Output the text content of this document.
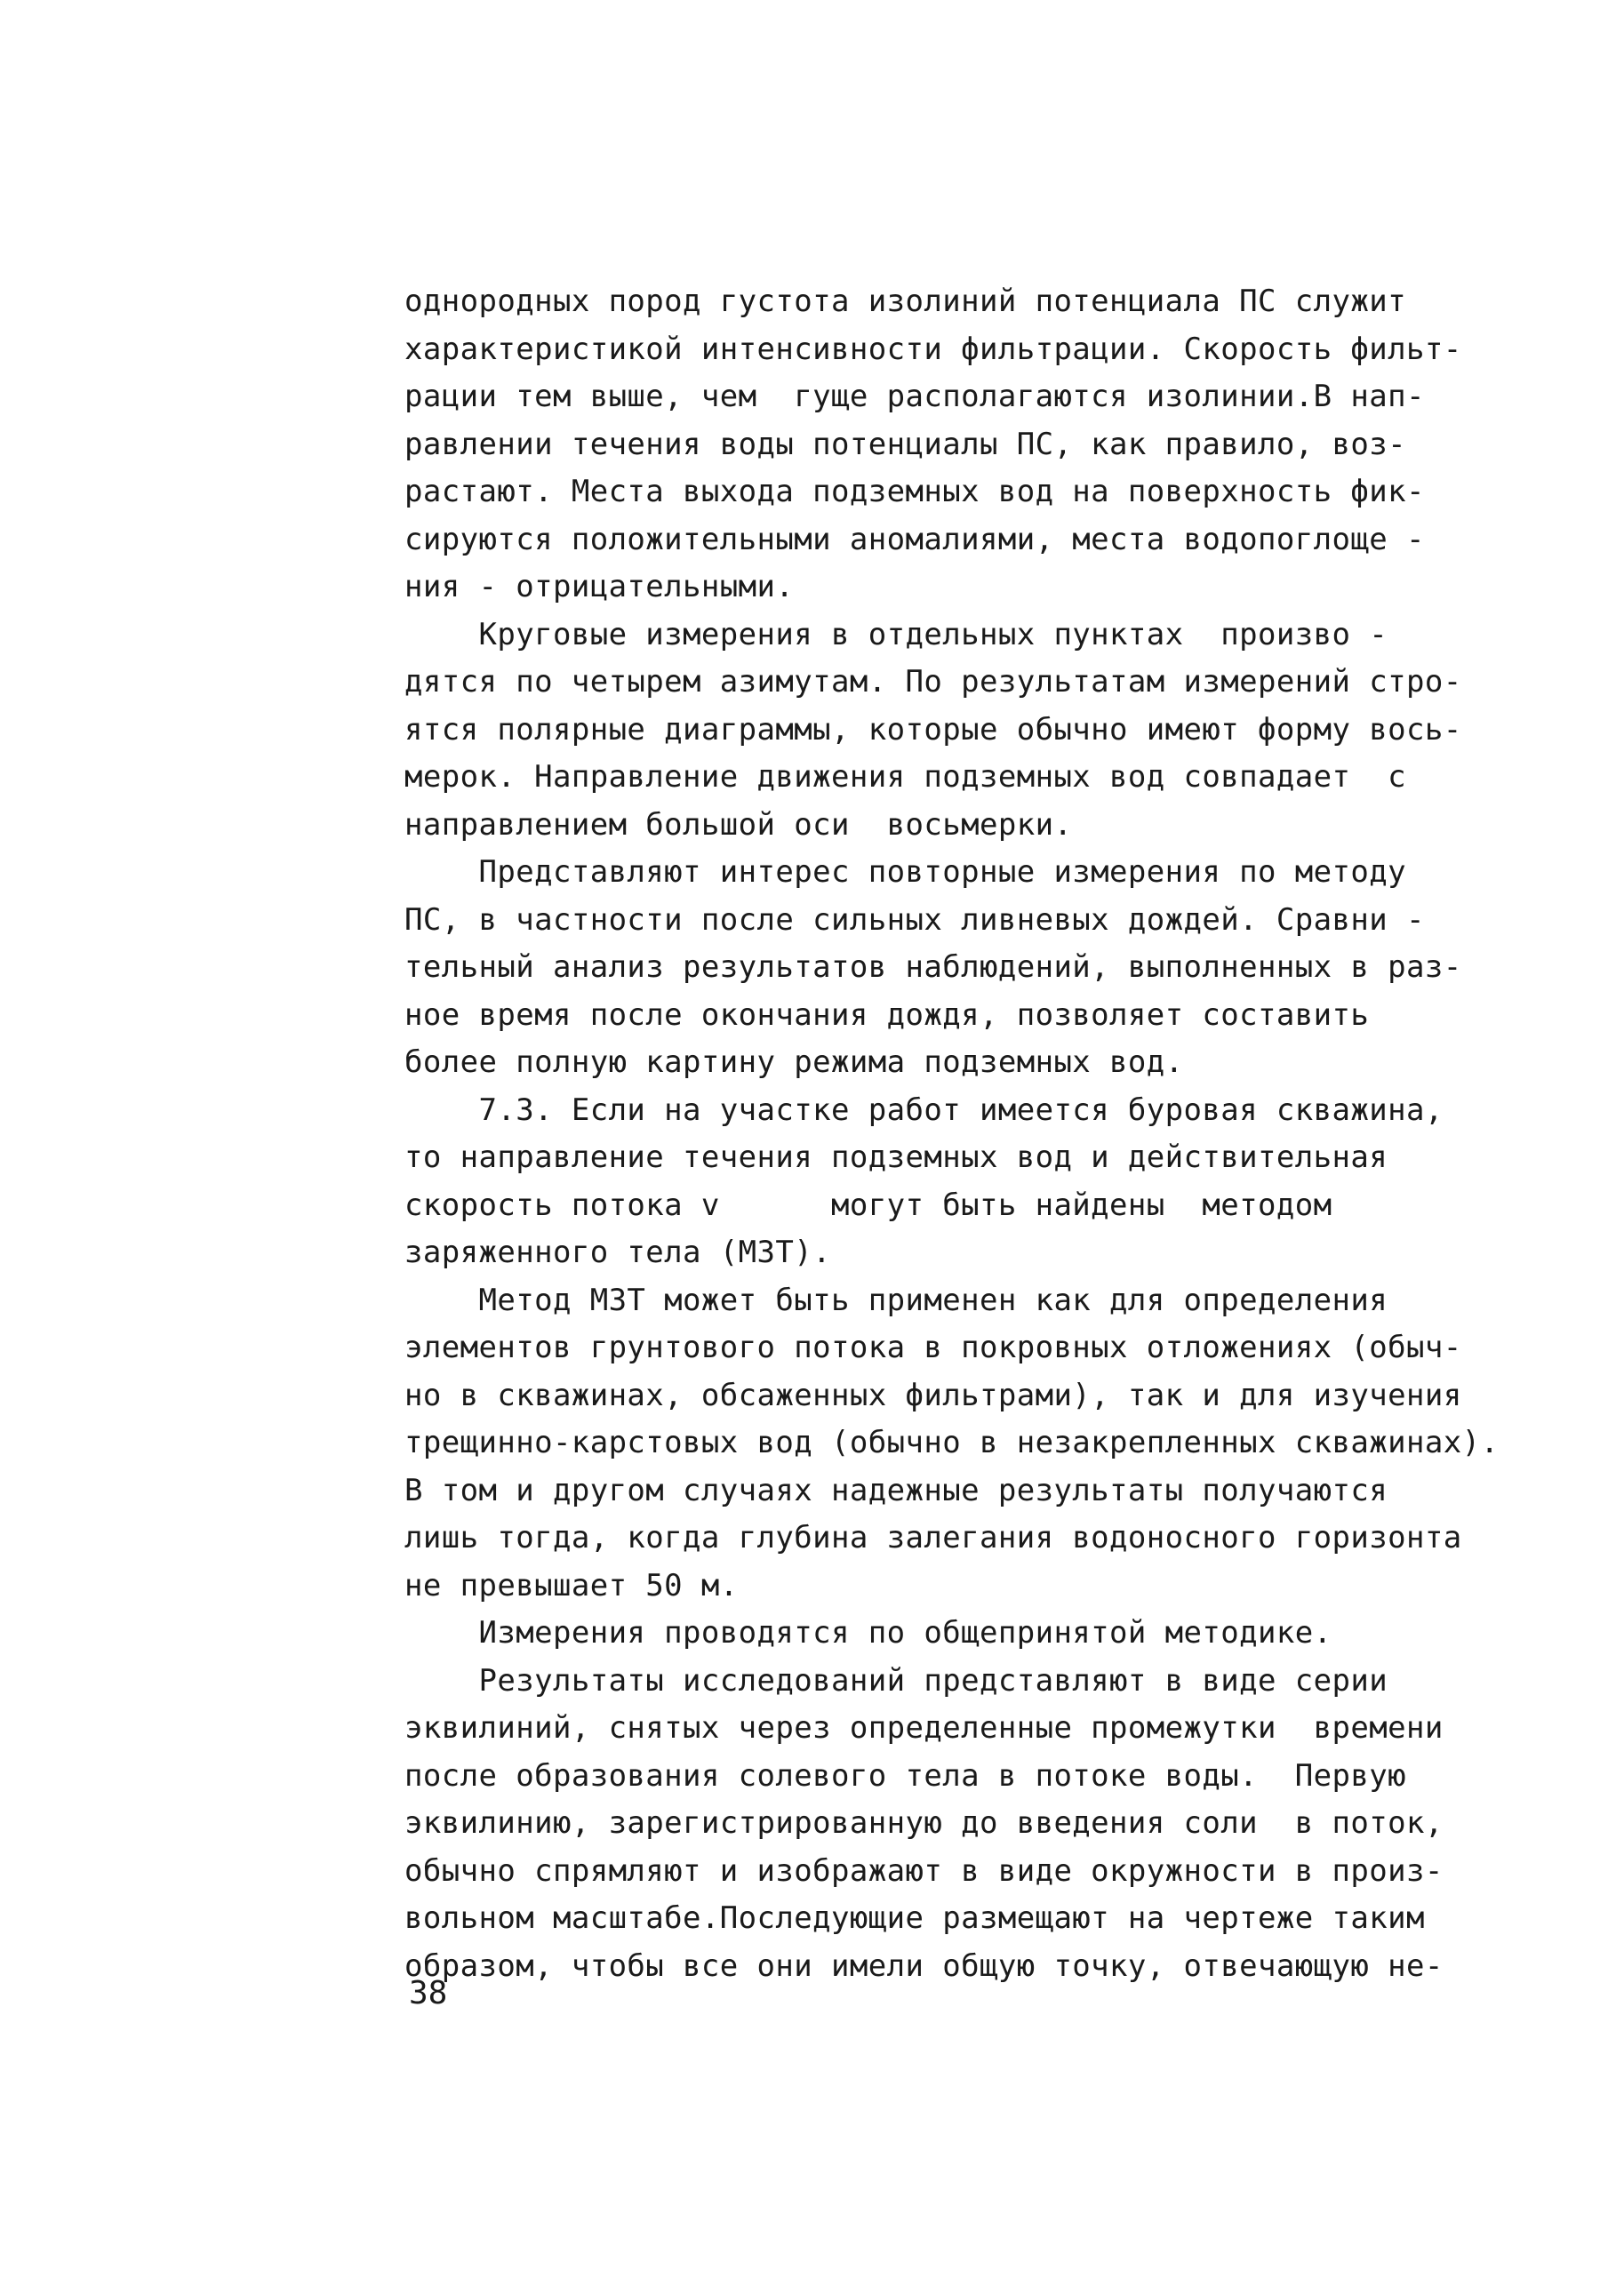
однородных пород густота изолиний потенциала ПС служит
характеристикой интенсивности фильтрации. Скорость фильт-
рации тем выше, чем  гуще располагаются изолинии.В нап-
равлении течения воды потенциалы ПС, как правило, воз-
растают. Места выхода подземных вод на поверхность фик-
сируются положительными аномалиями, места водопоглоще -
ния - отрицательными.
Круговые измерения в отдельных пунктах  произво -
дятся по четырем азимутам. По результатам измерений стро-
ятся полярные диаграммы, которые обычно имеют форму вось-
мерок. Направление движения подземных вод совпадает  с
направлением большой оси  восьмерки.
Представляют интерес повторные измерения по методу
ПС, в частности после сильных ливневых дождей. Сравни -
тельный анализ результатов наблюдений, выполненных в раз-
ное время после окончания дождя, позволяет составить
более полную картину режима подземных вод.
7.3. Если на участке работ имеется буровая скважина,
то направление течения подземных вод и действительная
скорость потока v      могут быть найдены  методом
заряженного тела (МЗТ).
Метод МЗТ может быть применен как для определения
элементов грунтового потока в покровных отложениях (обыч-
но в скважинах, обсаженных фильтрами), так и для изучения
трещинно-карстовых вод (обычно в незакрепленных скважинах).
В том и другом случаях надежные результаты получаются
лишь тогда, когда глубина залегания водоносного горизонта
не превышает 50 м.
Измерения проводятся по общепринятой методике.
Результаты исследований представляют в виде серии
эквилиний, снятых через определенные промежутки  времени
после образования солевого тела в потоке воды.  Первую
эквилинию, зарегистрированную до введения соли  в поток,
обычно спрямляют и изображают в виде окружности в произ-
вольном масштабе.Последующие размещают на чертеже таким
образом, чтобы все они имели общую точку, отвечающую не-
38
